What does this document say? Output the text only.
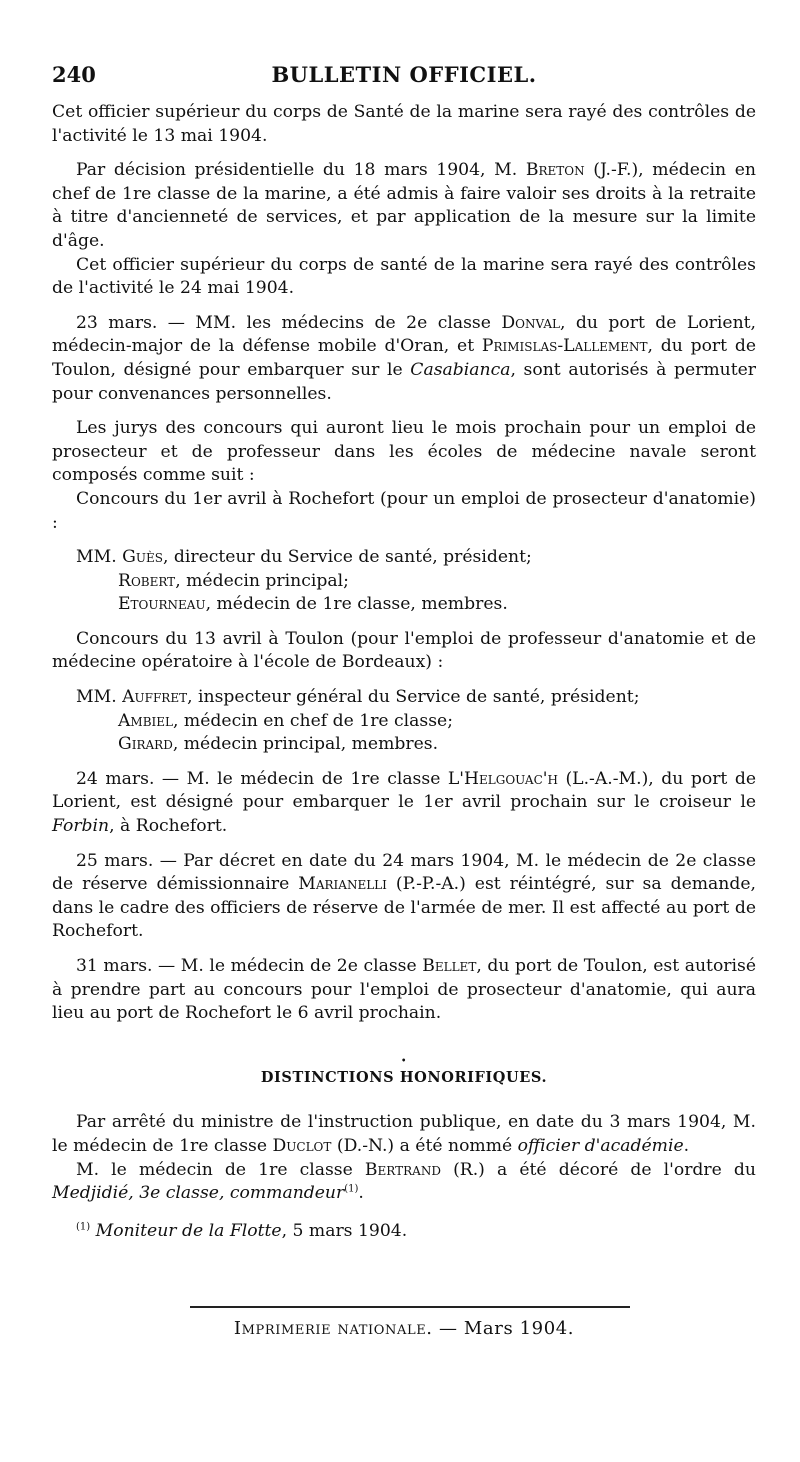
240	BULLETIN OFFICIEL.

Cet officier supérieur du corps de Santé de la marine sera rayé des contrôles de l'activité le 13 mai 1904.

Par décision présidentielle du 18 mars 1904, M. Breton (J.-F.), médecin en chef de 1re classe de la marine, a été admis à faire valoir ses droits à la retraite à titre d'ancienneté de services, et par application de la mesure sur la limite d'âge.

Cet officier supérieur du corps de santé de la marine sera rayé des contrôles de l'activité le 24 mai 1904.

23 mars. — MM. les médecins de 2e classe Donval, du port de Lorient, médecin-major de la défense mobile d'Oran, et Primislas-Lallement, du port de Toulon, désigné pour embarquer sur le Casabianca, sont autorisés à permuter pour convenances personnelles.

Les jurys des concours qui auront lieu le mois prochain pour un emploi de prosecteur et de professeur dans les écoles de médecine navale seront composés comme suit :

Concours du 1er avril à Rochefort (pour un emploi de prosecteur d'anatomie) :

MM. Guès, directeur du Service de santé, président;
Robert, médecin principal;
Etourneau, médecin de 1re classe, membres.

Concours du 13 avril à Toulon (pour l'emploi de professeur d'anatomie et de médecine opératoire à l'école de Bordeaux) :

MM. Auffret, inspecteur général du Service de santé, président;
Ambiel, médecin en chef de 1re classe;
Girard, médecin principal, membres.

24 mars. — M. le médecin de 1re classe L'Helgouac'h (L.-A.-M.), du port de Lorient, est désigné pour embarquer le 1er avril prochain sur le croiseur le Forbin, à Rochefort.

25 mars. — Par décret en date du 24 mars 1904, M. le médecin de 2e classe de réserve démissionnaire Marianelli (P.-P.-A.) est réintégré, sur sa demande, dans le cadre des officiers de réserve de l'armée de mer. Il est affecté au port de Rochefort.

31 mars. — M. le médecin de 2e classe Bellet, du port de Toulon, est autorisé à prendre part au concours pour l'emploi de prosecteur d'anatomie, qui aura lieu au port de Rochefort le 6 avril prochain.

•
DISTINCTIONS HONORIFIQUES.

Par arrêté du ministre de l'instruction publique, en date du 3 mars 1904, M. le médecin de 1re classe Duclot (D.-N.) a été nommé officier d'académie.

M. le médecin de 1re classe Bertrand (R.) a été décoré de l'ordre du Medjidié, 3e classe, commandeur$^{(1)}$.

$^{(1)}$ Moniteur de la Flotte, 5 mars 1904.

Imprimerie nationale. — Mars 1904.
